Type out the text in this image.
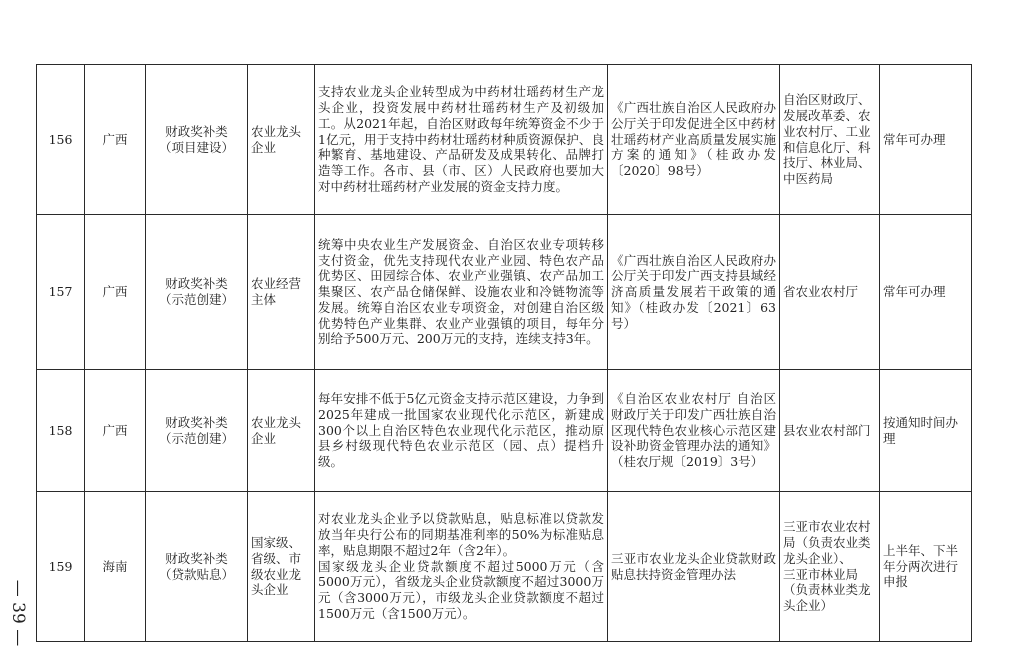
156	广西	财政奖补类
（项目建设）	农业龙头
企业	支持农业龙头企业转型成为中药材壮瑶药材生产龙头企业，投资发展中药材壮瑶药材生产及初级加工。从2021年起，自治区财政每年统筹资金不少于1亿元，用于支持中药材壮瑶药材种质资源保护、良种繁育、基地建设、产品研发及成果转化、品牌打造等工作。各市、县（市、区）人民政府也要加大对中药材壮瑶药材产业发展的资金支持力度。	《广西壮族自治区人民政府办公厅关于印发促进全区中药材壮瑶药材产业高质量发展实施方案的通知》（桂政办发〔2020〕98号）	自治区财政厅、发展改革委、农业农村厅、工业和信息化厅、科技厅、林业局、中医药局	常年可办理
157	广西	财政奖补类
（示范创建）	农业经营
主体	统筹中央农业生产发展资金、自治区农业专项转移支付资金，优先支持现代农业产业园、特色农产品优势区、田园综合体、农业产业强镇、农产品加工集聚区、农产品仓储保鲜、设施农业和冷链物流等发展。统筹自治区农业专项资金，对创建自治区级优势特色产业集群、农业产业强镇的项目，每年分别给予500万元、200万元的支持，连续支持3年。	《广西壮族自治区人民政府办公厅关于印发广西支持县域经济高质量发展若干政策的通知》（桂政办发〔2021〕63号）	省农业农村厅	常年可办理
158	广西	财政奖补类
（示范创建）	农业龙头
企业	每年安排不低于5亿元资金支持示范区建设，力争到2025年建成一批国家农业现代化示范区，新建成300个以上自治区特色农业现代化示范区，推动原县乡村级现代特色农业示范区（园、点）提档升级。	《自治区农业农村厅 自治区财政厅关于印发广西壮族自治区现代特色农业核心示范区建设补助资金管理办法的通知》（桂农厅规〔2019〕3号）	县农业农村部门	按通知时间办理
159	海南	财政奖补类
（贷款贴息）	国家级、省级、市级农业龙头企业	对农业龙头企业予以贷款贴息，贴息标准以贷款发放当年央行公布的同期基准利率的50%为标准贴息率，贴息期限不超过2年（含2年）。
国家级龙头企业贷款额度不超过5000万元（含5000万元），省级龙头企业贷款额度不超过3000万元（含3000万元），市级龙头企业贷款额度不超过1500万元（含1500万元）。	三亚市农业龙头企业贷款财政贴息扶持资金管理办法	三亚市农业农村局（负责农业类龙头企业）、
三亚市林业局（负责林业类龙头企业）	上半年、下半年分两次进行申报
— 39 —
